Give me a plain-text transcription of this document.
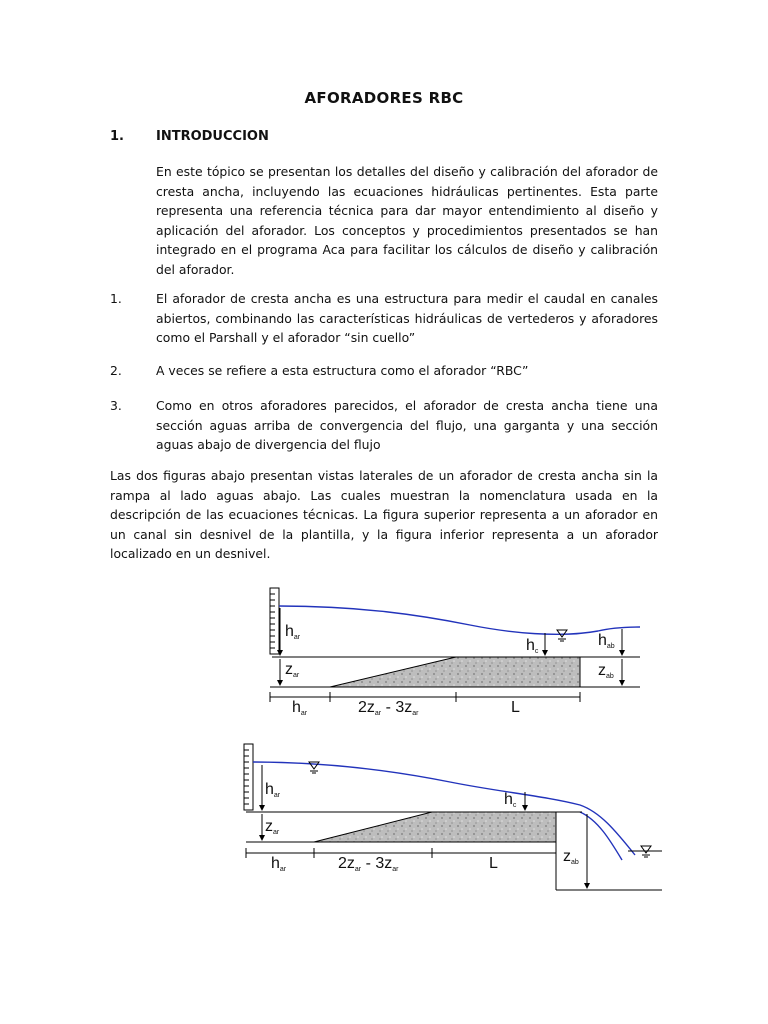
AFORADORES RBC
1. INTRODUCCION
En este tópico se presentan los detalles del diseño y calibración del aforador de cresta ancha, incluyendo las ecuaciones hidráulicas pertinentes. Esta parte representa una referencia técnica para dar mayor entendimiento al diseño y aplicación del aforador. Los conceptos y procedimientos presentados se han integrado en el programa Aca para facilitar los cálculos de diseño y calibración del aforador.
1.	El aforador de cresta ancha es una estructura para medir el caudal en canales abiertos, combinando las características hidráulicas de vertederos y aforadores como el Parshall y el aforador “sin cuello”
2.	A veces se refiere a esta estructura como el aforador “RBC”
3.	Como en otros aforadores parecidos, el aforador de cresta ancha tiene una sección aguas arriba de convergencia del flujo, una garganta y una sección aguas abajo de divergencia del flujo
Las dos figuras abajo presentan vistas laterales de un aforador de cresta ancha sin la rampa al lado aguas abajo. Las cuales muestran la nomenclatura usada en la descripción de las ecuaciones técnicas. La figura superior representa a un aforador en un canal sin desnivel de la plantilla, y la figura inferior representa a un aforador localizado en un desnivel.
har
zar
hc
hab
zab
har	2zar - 3zar	L
har
zar
hc
zab
har	2zar - 3zar	L
